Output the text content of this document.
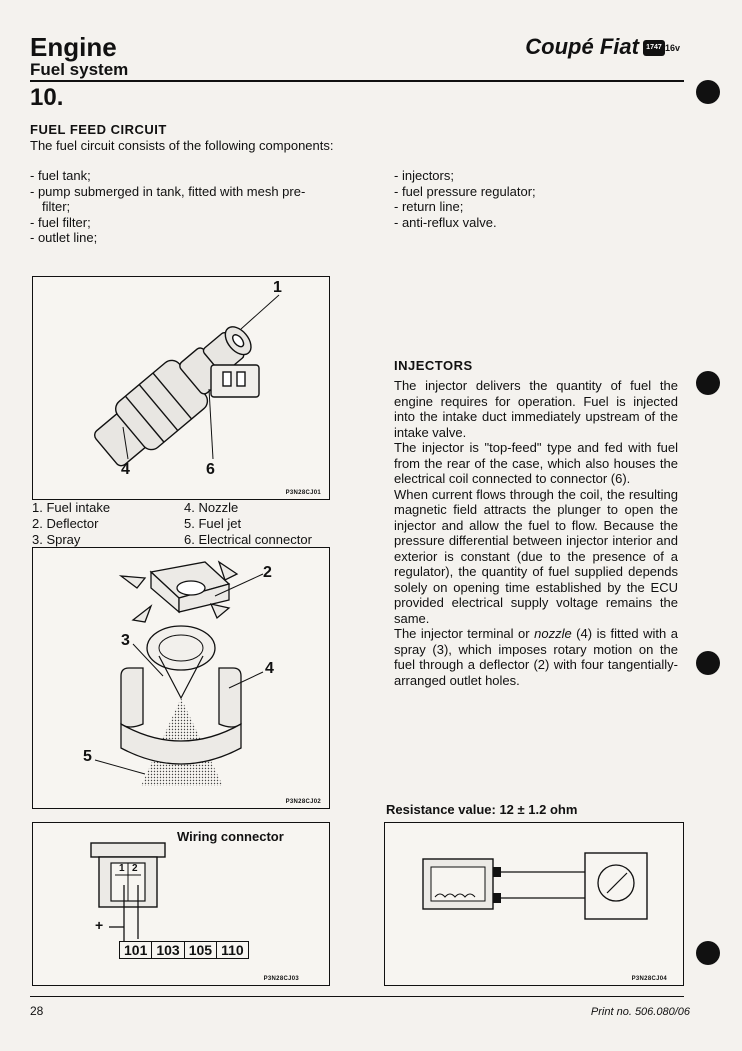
Engine
Fuel system
Coupé Fiat 1747 16v
10.
FUEL FEED CIRCUIT
The fuel circuit consists of the following components:
- fuel tank;
- pump submerged in tank, fitted with mesh pre-filter;
- fuel filter;
- outlet line;
- injectors;
- fuel pressure regulator;
- return line;
- anti-reflux valve.
1
4	6
P3N28CJ01
1. Fuel intake
2. Deflector
3. Spray
4. Nozzle
5. Fuel jet
6. Electrical connector
2
3
4
5
P3N28CJ02
INJECTORS

The injector delivers the quantity of fuel the engine requires for operation. Fuel is injected into the intake duct immediately upstream of the intake valve.

The injector is "top-feed" type and fed with fuel from the rear of the case, which also houses the electrical coil connected to connector (6).

When current flows through the coil, the resulting magnetic field attracts the plunger to open the injector and allow the fuel to flow. Because the pressure differential between injector interior and exterior is constant (due to the presence of a regulator), the quantity of fuel supplied depends solely on opening time established by the ECU provided electrical supply voltage remains the same.

The injector terminal or nozzle (4) is fitted with a spray (3), which imposes rotary motion on the fuel through a deflector (2) with four tangentially-arranged outlet holes.

Wiring connector
1 2
+
101 103 105 110
P3N28CJ03
Resistance value: 12 ± 1.2 ohm
P3N28CJ04
28	Print no. 506.080/06
